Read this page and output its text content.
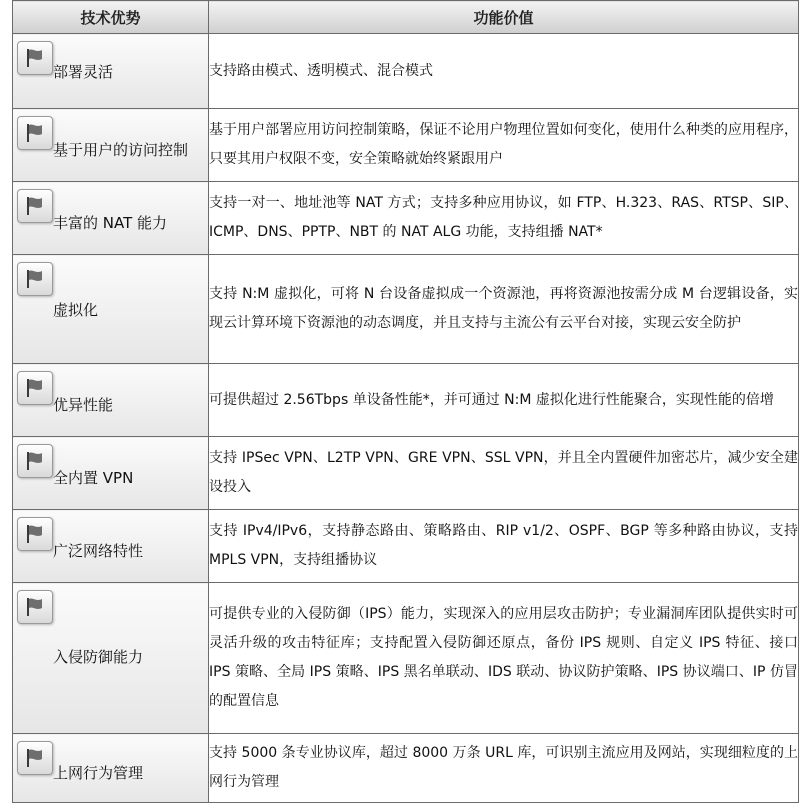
技术优势	功能价值

部署灵活	支持路由模式、透明模式、混合模式

基于用户的访问控制	基于用户部署应用访问控制策略，保证不论用户物理位置如何变化，使用什么种类的应用程序，只要其用户权限不变，安全策略就始终紧跟用户

丰富的 NAT 能力	支持一对一、地址池等 NAT 方式；支持多种应用协议，如 FTP、H.323、RAS、RTSP、SIP、ICMP、DNS、PPTP、NBT 的 NAT ALG 功能，支持组播 NAT*

虚拟化	支持 N:M 虚拟化，可将 N 台设备虚拟成一个资源池，再将资源池按需分成 M 台逻辑设备，实现云计算环境下资源池的动态调度，并且支持与主流公有云平台对接，实现云安全防护

优异性能	可提供超过 2.56Tbps 单设备性能*，并可通过 N:M 虚拟化进行性能聚合，实现性能的倍增

全内置 VPN	支持 IPSec VPN、L2TP VPN、GRE VPN、SSL VPN，并且全内置硬件加密芯片，减少安全建设投入

广泛网络特性	支持 IPv4/IPv6，支持静态路由、策略路由、RIP v1/2、OSPF、BGP 等多种路由协议，支持 MPLS VPN，支持组播协议

入侵防御能力	可提供专业的入侵防御（IPS）能力，实现深入的应用层攻击防护；专业漏洞库团队提供实时可灵活升级的攻击特征库；支持配置入侵防御还原点，备份 IPS 规则、自定义 IPS 特征、接口 IPS 策略、全局 IPS 策略、IPS 黑名单联动、IDS 联动、协议防护策略、IPS 协议端口、IP 仿冒的配置信息

上网行为管理	支持 5000 条专业协议库，超过 8000 万条 URL 库，可识别主流应用及网站，实现细粒度的上网行为管理
